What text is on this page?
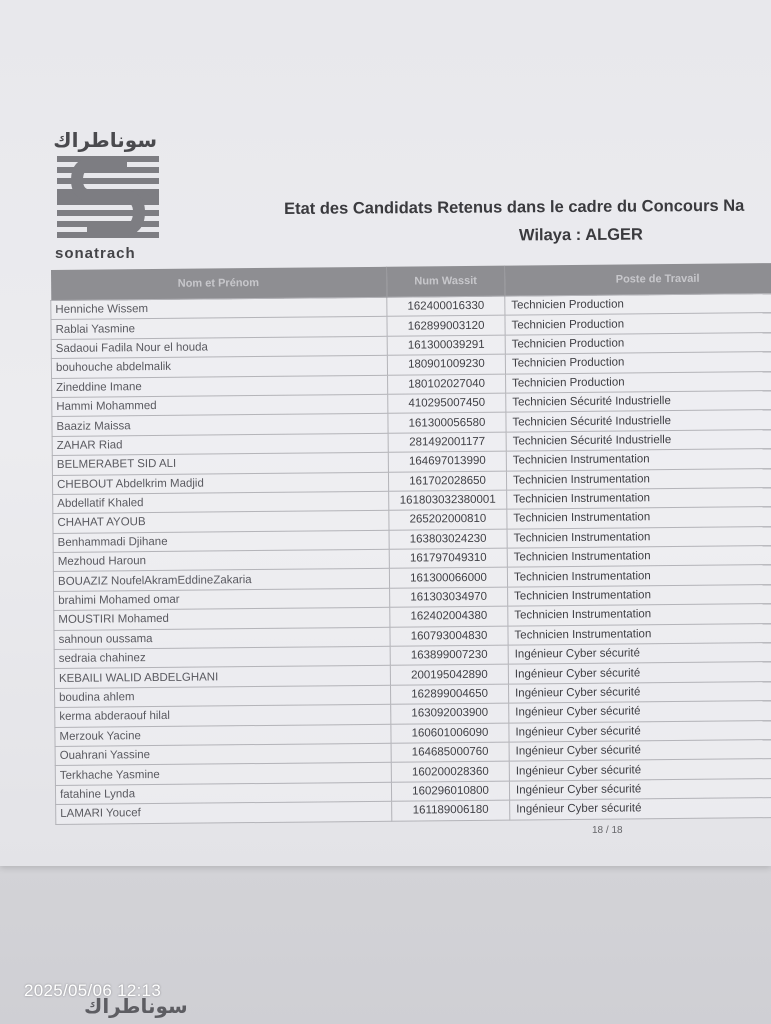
سوناطراك
sonatrach
Etat des Candidats Retenus dans le cadre du Concours Na
Wilaya : ALGER
Nom et Prénom	Num Wassit	Poste de Travail
Henniche Wissem	162400016330	Technicien Production
Rablai Yasmine	162899003120	Technicien Production
Sadaoui Fadila Nour el houda	161300039291	Technicien Production
bouhouche abdelmalik	180901009230	Technicien Production
Zineddine Imane	180102027040	Technicien Production
Hammi Mohammed	410295007450	Technicien Sécurité Industrielle
Baaziz Maissa	161300056580	Technicien Sécurité Industrielle
ZAHAR Riad	281492001177	Technicien Sécurité Industrielle
BELMERABET SID ALI	164697013990	Technicien Instrumentation
CHEBOUT Abdelkrim Madjid	161702028650	Technicien Instrumentation
Abdellatif Khaled	161803032380001	Technicien Instrumentation
CHAHAT AYOUB	265202000810	Technicien Instrumentation
Benhammadi Djihane	163803024230	Technicien Instrumentation
Mezhoud Haroun	161797049310	Technicien Instrumentation
BOUAZIZ NoufelAkramEddineZakaria	161300066000	Technicien Instrumentation
brahimi Mohamed omar	161303034970	Technicien Instrumentation
MOUSTIRI Mohamed	162402004380	Technicien Instrumentation
sahnoun oussama	160793004830	Technicien Instrumentation
sedraia chahinez	163899007230	Ingénieur Cyber sécurité
KEBAILI WALID ABDELGHANI	200195042890	Ingénieur Cyber sécurité
boudina ahlem	162899004650	Ingénieur Cyber sécurité
kerma abderaouf hilal	163092003900	Ingénieur Cyber sécurité
Merzouk Yacine	160601006090	Ingénieur Cyber sécurité
Ouahrani Yassine	164685000760	Ingénieur Cyber sécurité
Terkhache Yasmine	160200028360	Ingénieur Cyber sécurité
fatahine Lynda	160296010800	Ingénieur Cyber sécurité
LAMARI Youcef	161189006180	Ingénieur Cyber sécurité
18 / 18
2025/05/06 12:13
سوناطراك
